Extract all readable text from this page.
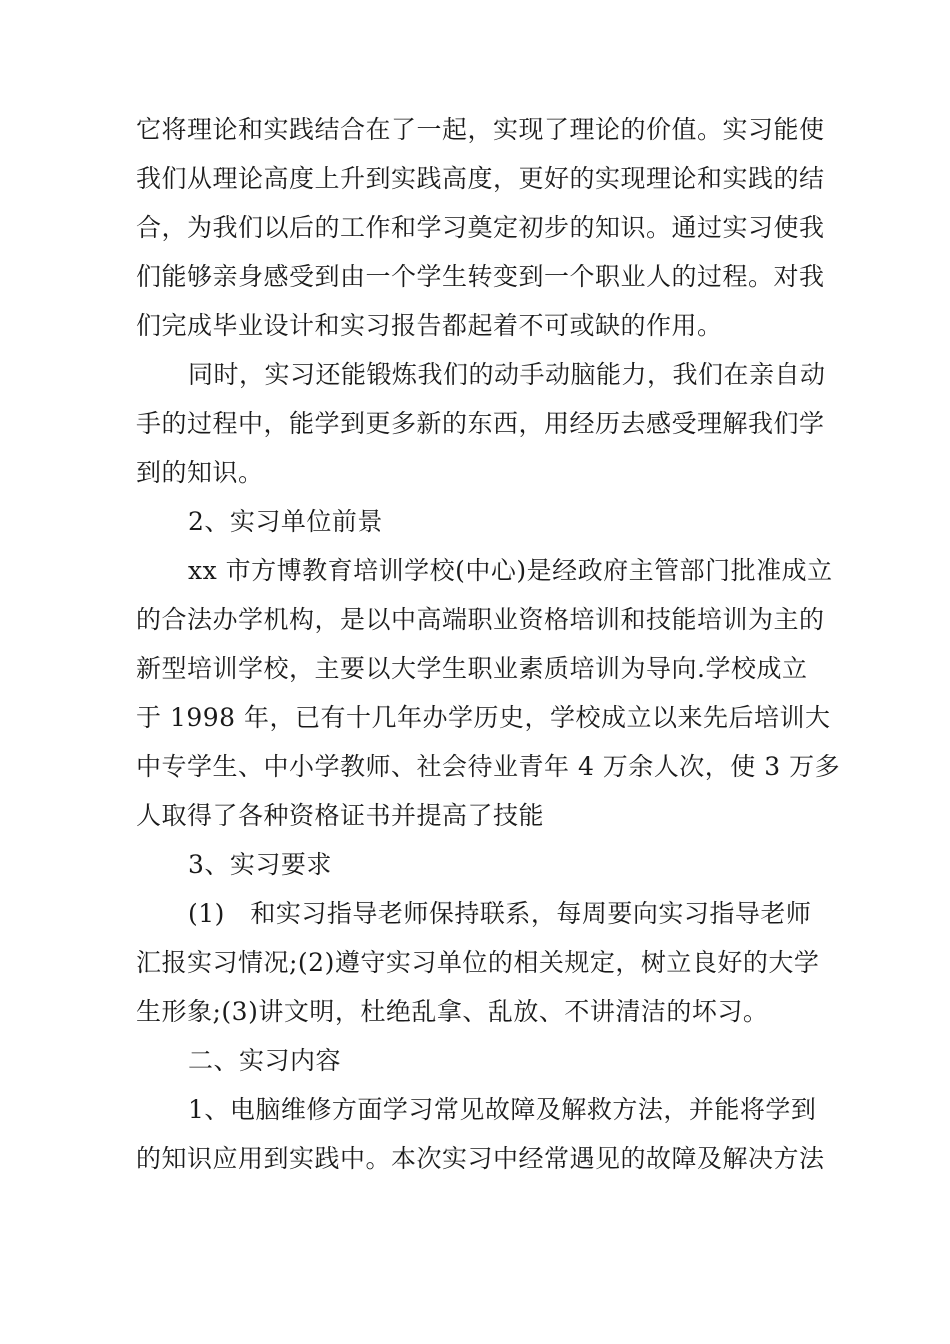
它将理论和实践结合在了一起，实现了理论的价值。实习能使
我们从理论高度上升到实践高度，更好的实现理论和实践的结
合，为我们以后的工作和学习奠定初步的知识。通过实习使我
们能够亲身感受到由一个学生转变到一个职业人的过程。对我
们完成毕业设计和实习报告都起着不可或缺的作用。
同时，实习还能锻炼我们的动手动脑能力，我们在亲自动
手的过程中，能学到更多新的东西，用经历去感受理解我们学
到的知识。
2、实习单位前景
xx 市方博教育培训学校(中心)是经政府主管部门批准成立
的合法办学机构，是以中高端职业资格培训和技能培训为主的
新型培训学校，主要以大学生职业素质培训为导向.学校成立
于 1998 年，已有十几年办学历史，学校成立以来先后培训大
中专学生、中小学教师、社会待业青年 4 万余人次，使 3 万多
人取得了各种资格证书并提高了技能
3、实习要求
(1)　和实习指导老师保持联系，每周要向实习指导老师
汇报实习情况;(2)遵守实习单位的相关规定，树立良好的大学
生形象;(3)讲文明，杜绝乱拿、乱放、不讲清洁的坏习。
二、实习内容
1、电脑维修方面学习常见故障及解救方法，并能将学到
的知识应用到实践中。本次实习中经常遇见的故障及解决方法
